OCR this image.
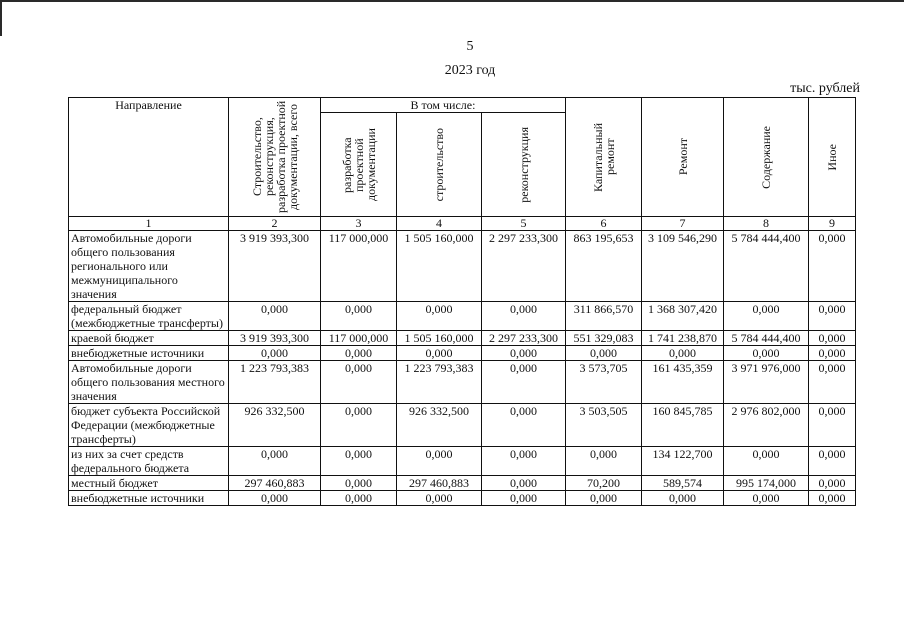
5
2023 год
тыс. рублей
Направление	Строительство, реконструкция, разработка проектной документации, всего	В том числе:			Капитальный ремонт	Ремонт	Содержание	Иное

		разработка проектной документации	строительство	реконструкция				

1	2	3	4	5	6	7	8	9
Автомобильные дороги общего пользования регионального или межмуниципального значения	3 919 393,300	117 000,000	1 505 160,000	2 297 233,300	863 195,653	3 109 546,290	5 784 444,400	0,000
федеральный бюджет (межбюджетные трансферты)	0,000	0,000	0,000	0,000	311 866,570	1 368 307,420	0,000	0,000
краевой бюджет	3 919 393,300	117 000,000	1 505 160,000	2 297 233,300	551 329,083	1 741 238,870	5 784 444,400	0,000
внебюджетные источники	0,000	0,000	0,000	0,000	0,000	0,000	0,000	0,000
Автомобильные дороги общего пользования местного значения	1 223 793,383	0,000	1 223 793,383	0,000	3 573,705	161 435,359	3 971 976,000	0,000
бюджет субъекта Российской Федерации (межбюджетные трансферты)	926 332,500	0,000	926 332,500	0,000	3 503,505	160 845,785	2 976 802,000	0,000
из них за счет средств федерального бюджета	0,000	0,000	0,000	0,000	0,000	134 122,700	0,000	0,000
местный бюджет	297 460,883	0,000	297 460,883	0,000	70,200	589,574	995 174,000	0,000
внебюджетные источники	0,000	0,000	0,000	0,000	0,000	0,000	0,000	0,000
